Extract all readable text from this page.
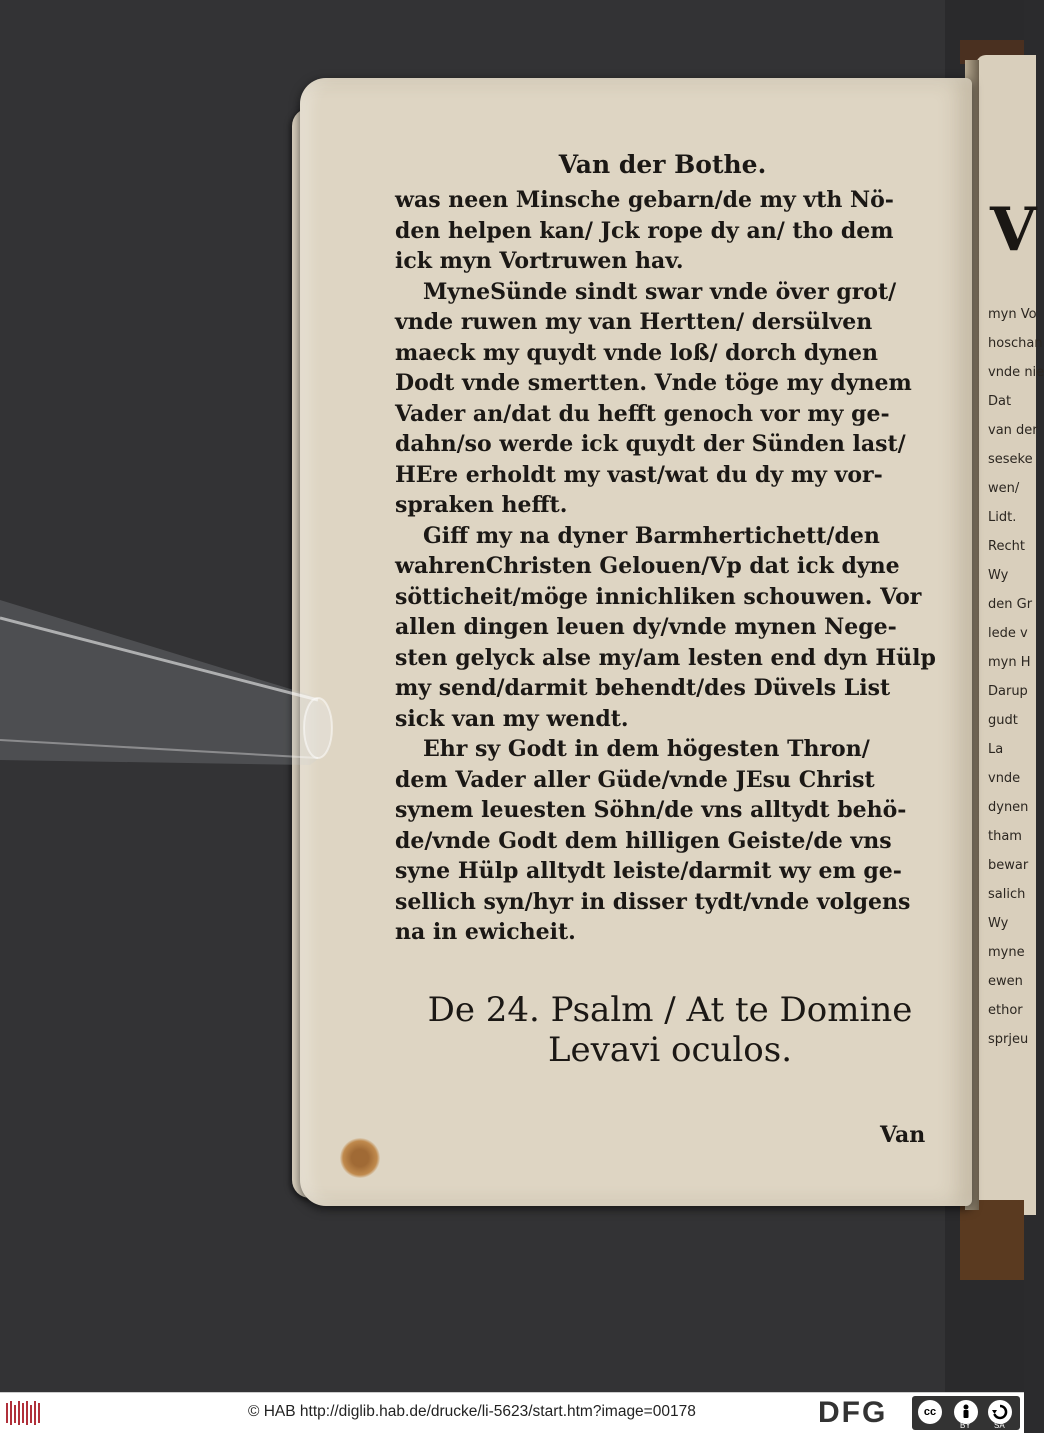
V
myn Vo
hoschan
vnde nie
Dat
van der
seseke
wen/
Lidt.
Recht
Wy
den Gr
lede v
myn H
Darup
gudt
La
vnde
dynen
tham
bewar
salich
Wy
myne
ewen
ethor
sprjeu
Van der Bothe.
was neen Minsche gebarn/de my vth Nö-
den helpen kan/ Jck rope dy an/ tho dem
ick myn Vortruwen hav.
MyneSünde sindt swar vnde över grot/
vnde ruwen my van Hertten/ dersülven
maeck my quydt vnde loß/ dorch dynen
Dodt vnde smertten. Vnde töge my dynem
Vader an/dat du hefft genoch vor my ge-
dahn/so werde ick quydt der Sünden last/
HEre erholdt my vast/wat du dy my vor-
spraken hefft.
Giff my na dyner Barmhertichett/den
wahrenChristen Gelouen/Vp dat ick dyne
sötticheit/möge innichliken schouwen. Vor
allen dingen leuen dy/vnde mynen Nege-
sten gelyck alse my/am lesten end dyn Hülp
my send/darmit behendt/des Düvels List
sick van my wendt.
Ehr sy Godt in dem högesten Thron/
dem Vader aller Güde/vnde JEsu Christ
synem leuesten Söhn/de vns alltydt behö-
de/vnde Godt dem hilligen Geiste/de vns
syne Hülp alltydt leiste/darmit wy em ge-
sellich syn/hyr in disser tydt/vnde volgens
na in ewicheit.
De 24. Psalm / At te Domine
Levavi oculos.
Van
© HAB http://diglib.hab.de/drucke/li-5623/start.htm?image=00178	DFG	cc
BY	SA
